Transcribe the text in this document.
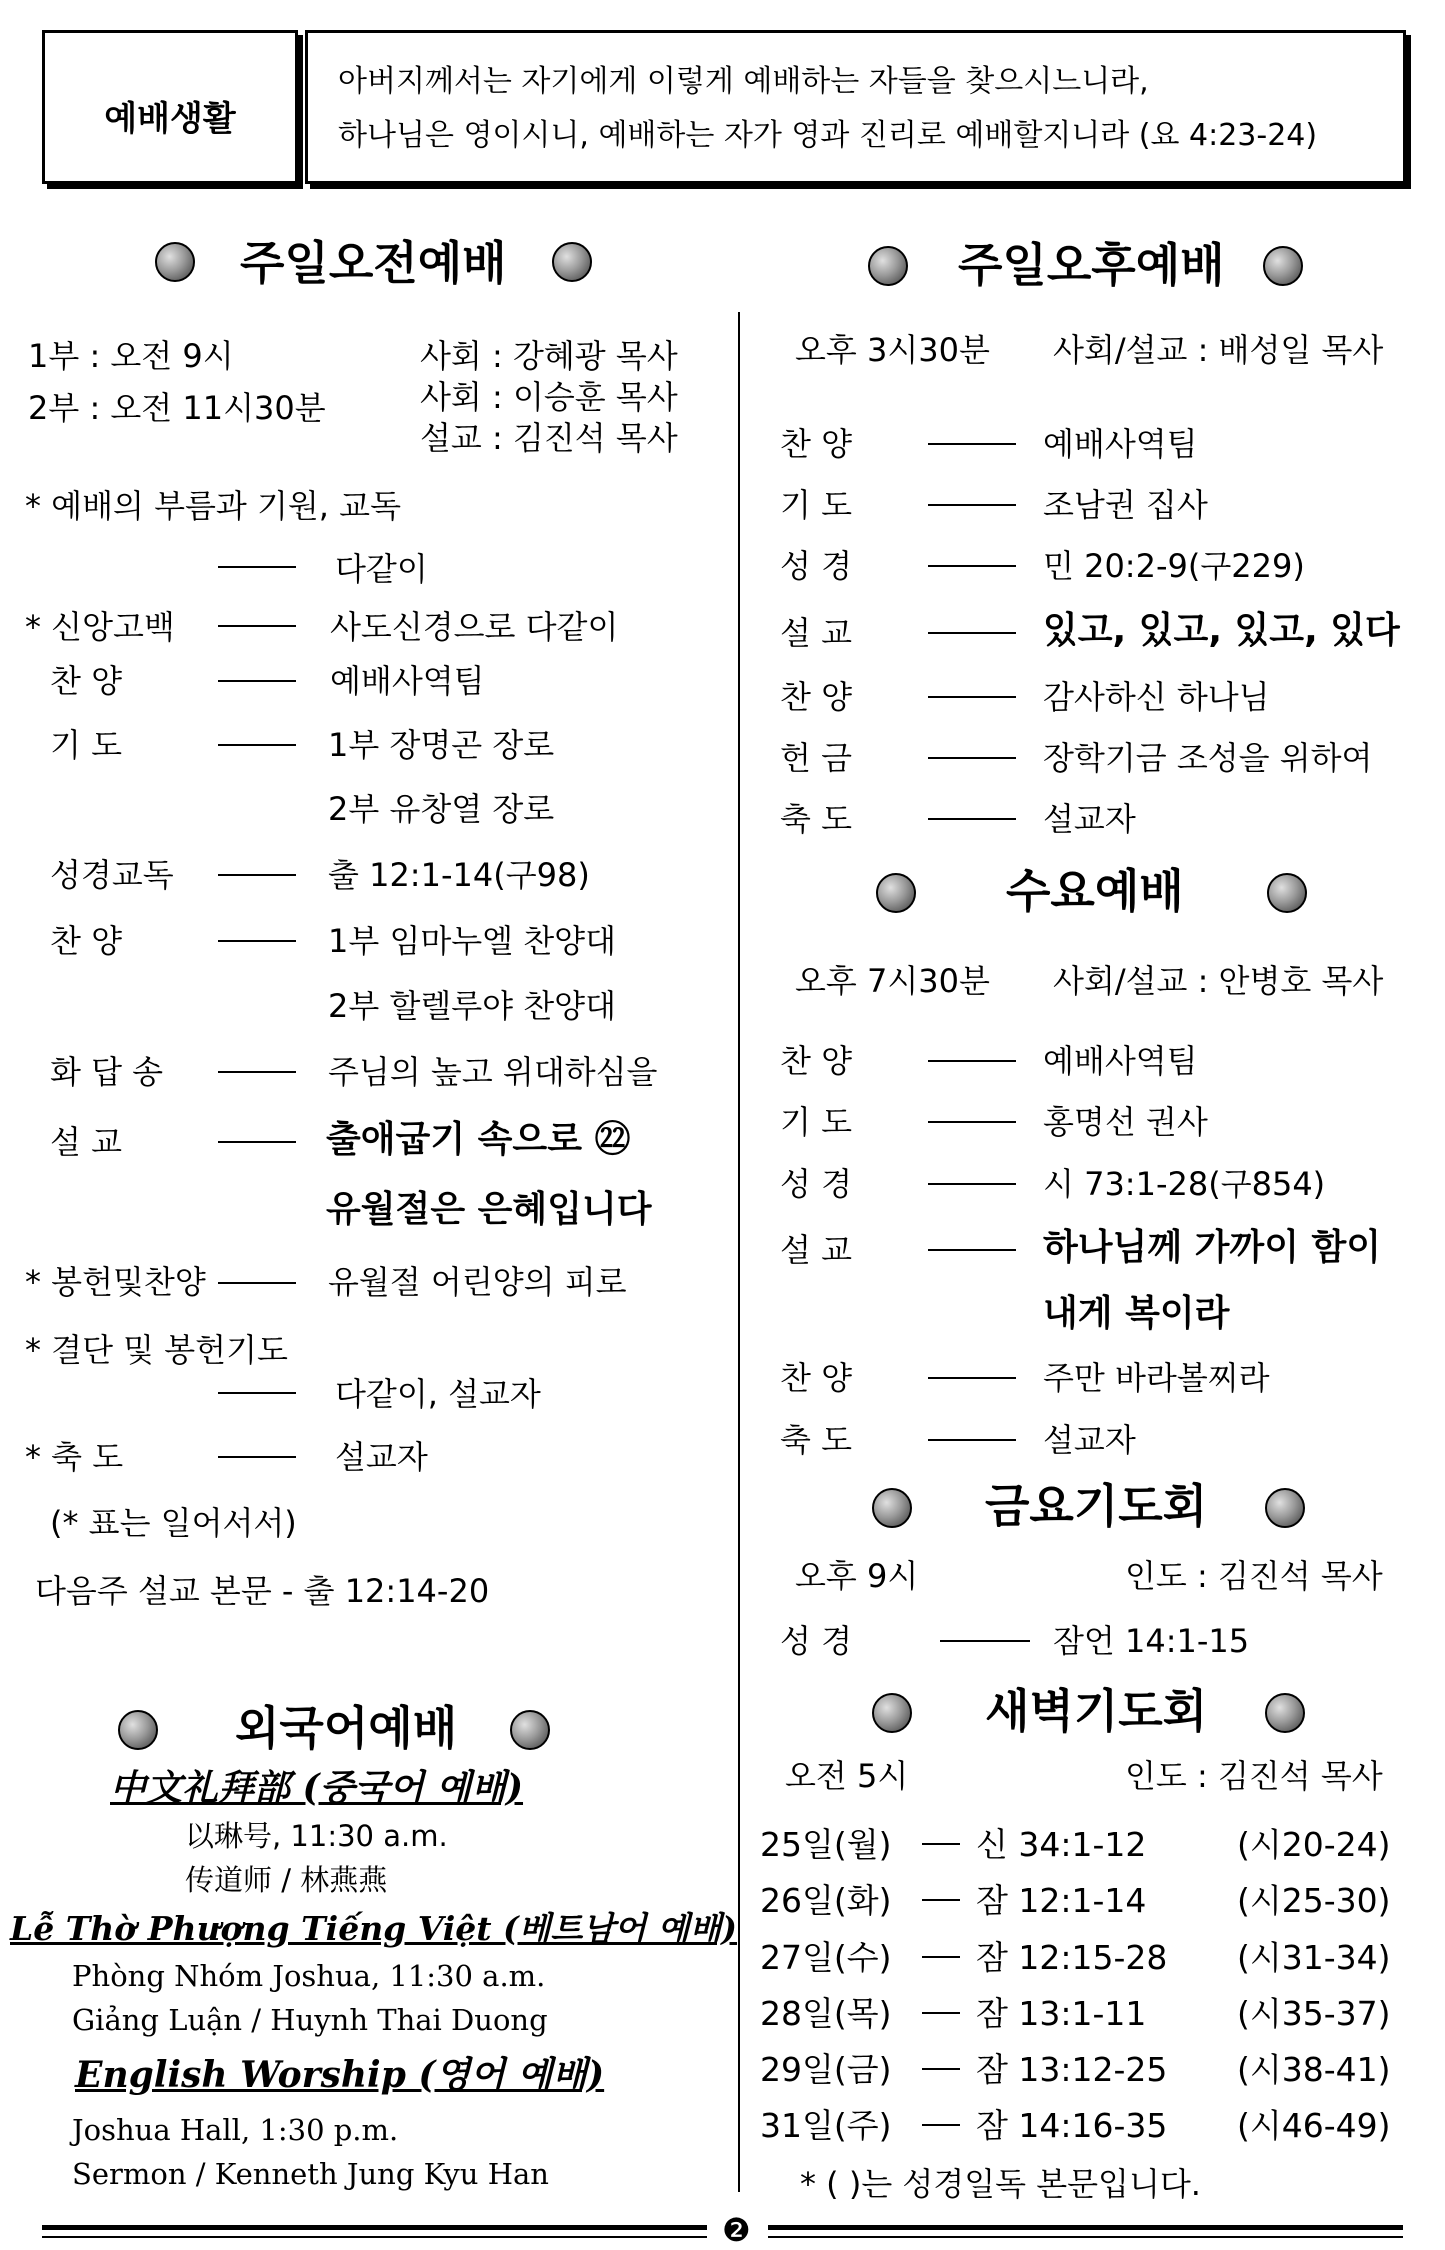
예배생활
아버지께서는 자기에게 이렇게 예배하는 자들을 찾으시느니라,
하나님은 영이시니, 예배하는 자가 영과 진리로 예배할지니라 (요 4:23-24)
주일오전예배
1부 : 오전 9시
2부 : 오전 11시30분
사회 : 강혜광 목사
사회 : 이승훈 목사
설교 : 김진석 목사
* 예배의 부름과 기원, 교독
다같이
* 신앙고백	사도신경으로 다같이
찬 양	예배사역팀
기 도	1부 장명곤 장로
2부 유창열 장로
성경교독	출 12:1-14(구98)
찬 양	1부 임마누엘 찬양대
2부 할렐루야 찬양대
화 답 송	주님의 높고 위대하심을
설 교	출애굽기 속으로 ㉒
유월절은 은혜입니다
* 봉헌및찬양	유월절 어린양의 피로
* 결단 및 봉헌기도
다같이, 설교자
* 축 도	설교자
(* 표는 일어서서)
다음주 설교 본문 - 출 12:14-20
외국어예배
中文礼拜部 (중국어 예배)
以琳号, 11:30 a.m.
传道师 / 林燕燕
Lễ Thờ Phượng Tiếng Việt (베트남어 예배)
Phòng Nhóm Joshua, 11:30 a.m.
Giảng Luận / Huynh Thai Duong
English Worship (영어 예배)
Joshua Hall, 1:30 p.m.
Sermon / Kenneth Jung Kyu Han
주일오후예배
오후 3시30분 사회/설교 : 배성일 목사
찬 양	예배사역팀
기 도	조남권 집사
성 경	민 20:2-9(구229)
설 교	있고, 있고, 있고, 있다
찬 양	감사하신 하나님
헌 금	장학기금 조성을 위하여
축 도	설교자
수요예배
오후 7시30분 사회/설교 : 안병호 목사
찬 양	예배사역팀
기 도	홍명선 권사
성 경	시 73:1-28(구854)
설 교	하나님께 가까이 함이
내게 복이라
찬 양	주만 바라볼찌라
축 도	설교자
금요기도회
오후 9시	인도 : 김진석 목사
성 경	잠언 14:1-15
새벽기도회
오전 5시	인도 : 김진석 목사
25일(월)	신 34:1-12	(시20-24)
26일(화)	잠 12:1-14	(시25-30)
27일(수)	잠 12:15-28 (시31-34)
28일(목)	잠 13:1-11	(시35-37)
29일(금)	잠 13:12-25 (시38-41)
31일(주)	잠 14:16-35 (시46-49)
* ( )는 성경일독 본문입니다.
❷
